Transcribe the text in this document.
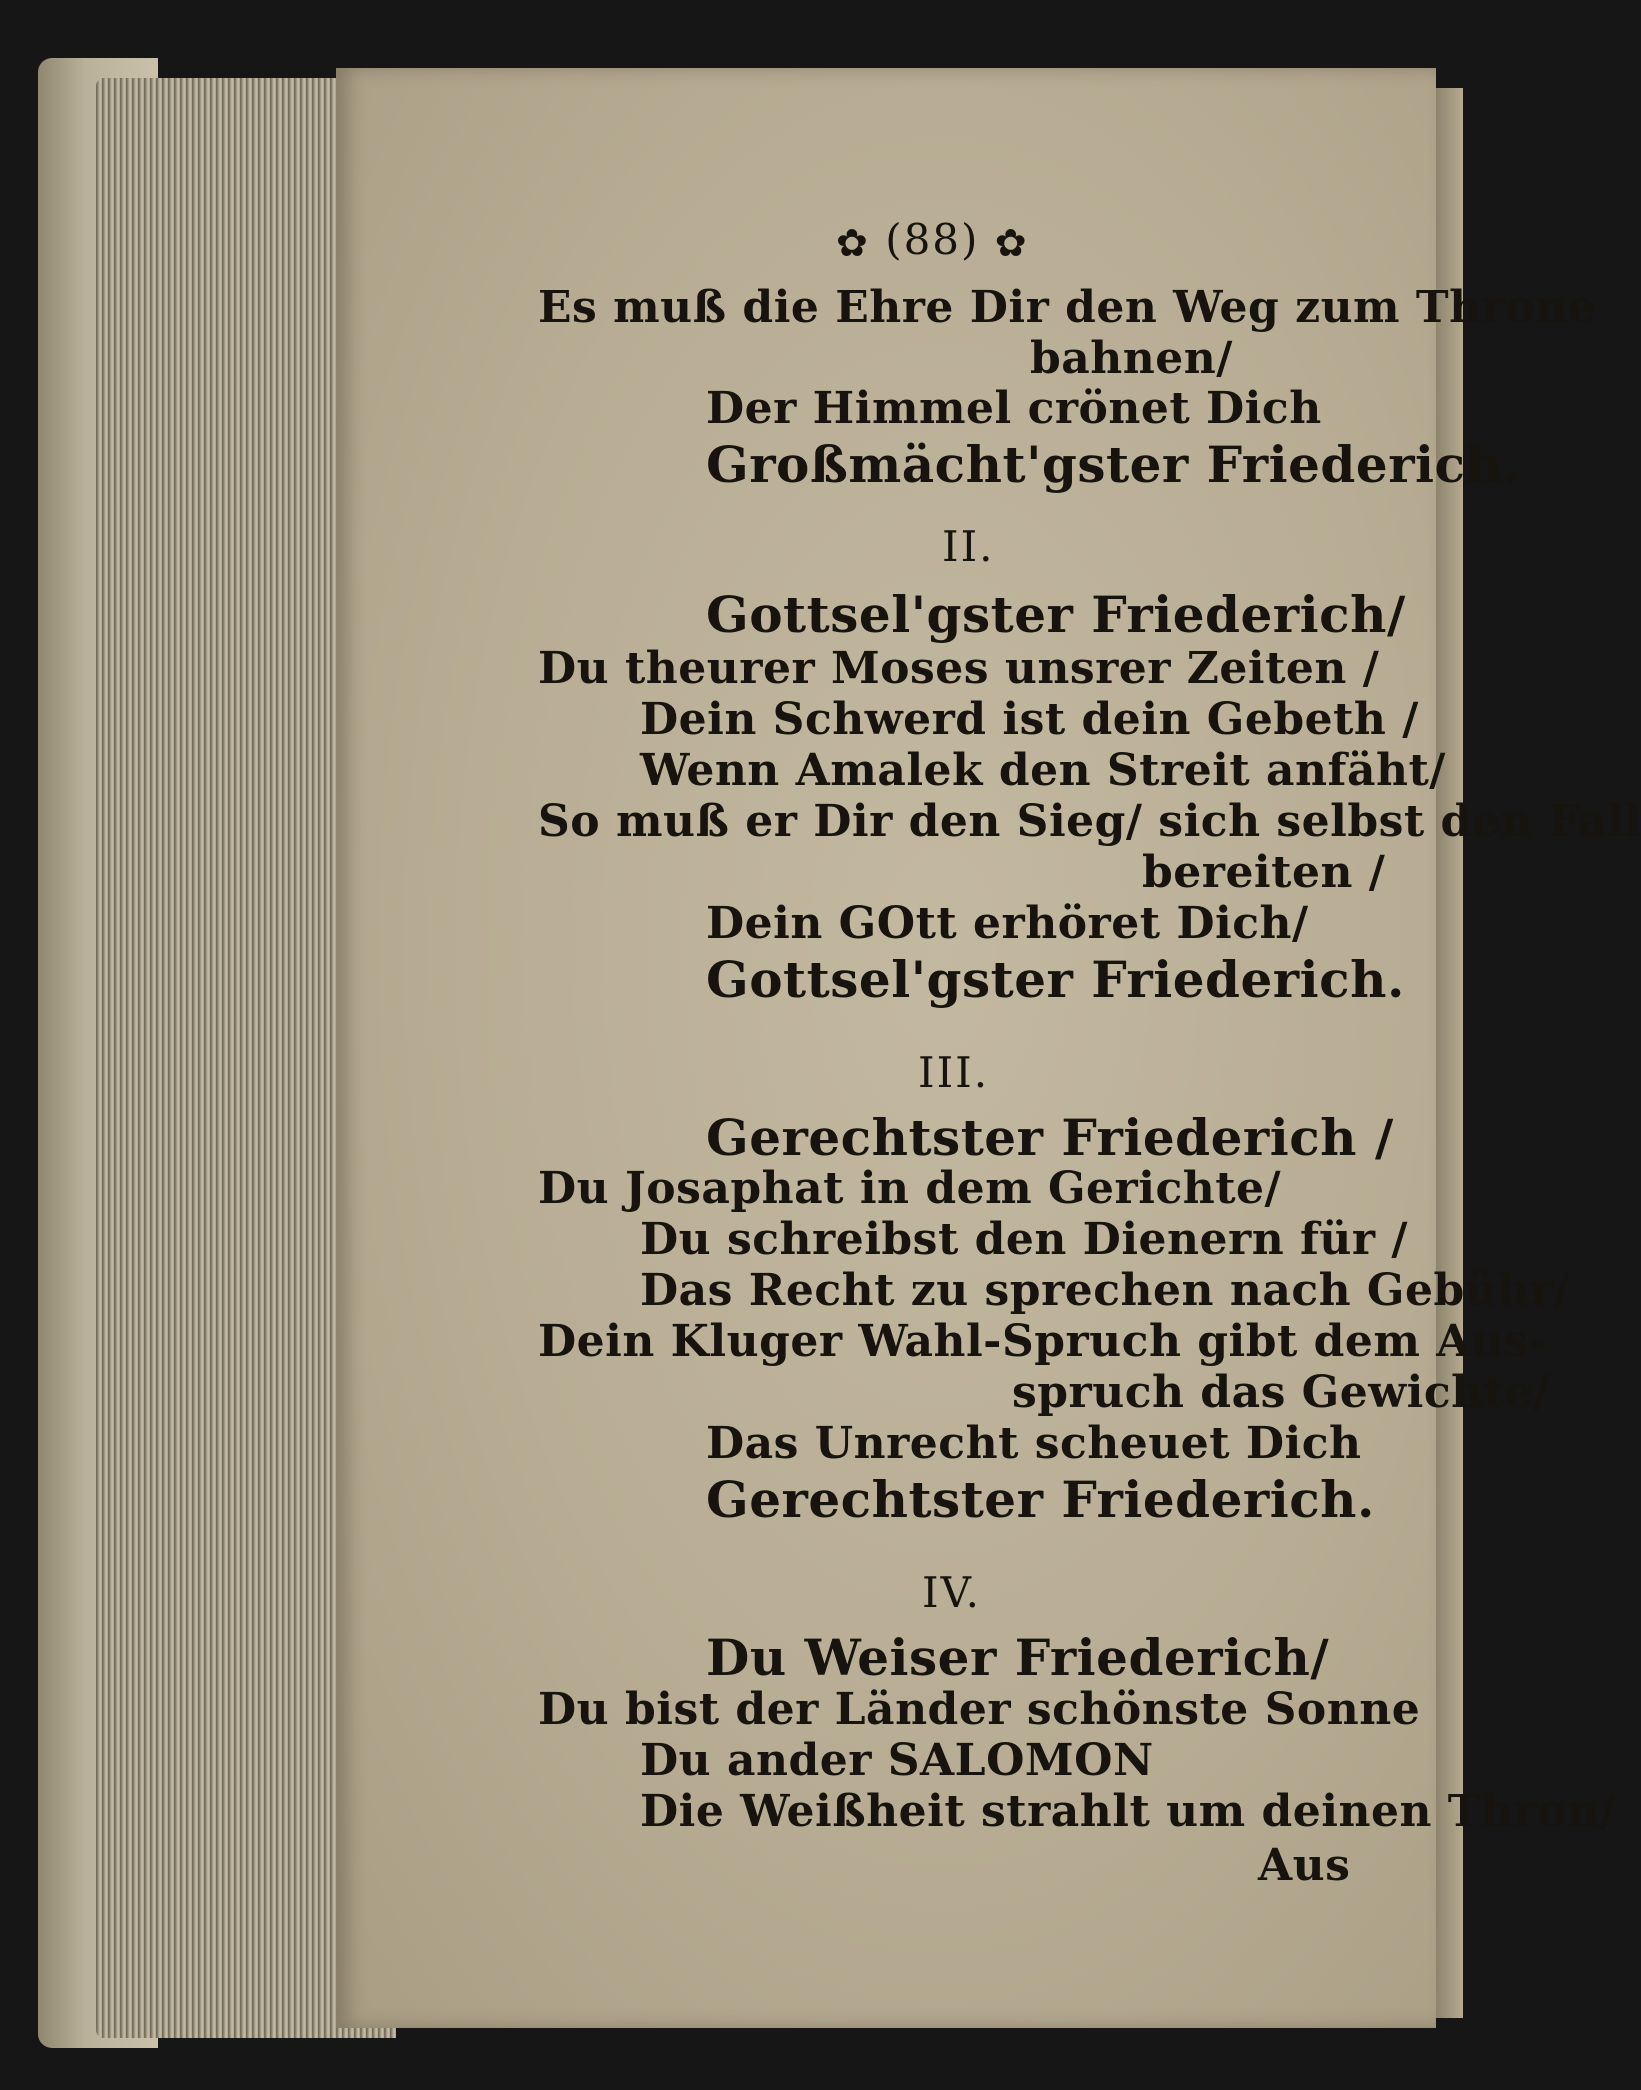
✿ (88) ✿
Es muß die Ehre Dir den Weg zum Throne
bahnen/
Der Himmel crönet Dich
Großmächt'gster Friederich.
II.
Gottsel'gster Friederich/
Du theurer Moses unsrer Zeiten /
Dein Schwerd ist dein Gebeth /
Wenn Amalek den Streit anfäht/
So muß er Dir den Sieg/ sich selbst den Fall
bereiten /
Dein GOtt erhöret Dich/
Gottsel'gster Friederich.
III.
Gerechtster Friederich /
Du Josaphat in dem Gerichte/
Du schreibst den Dienern für /
Das Recht zu sprechen nach Gebühr/
Dein Kluger Wahl-Spruch gibt dem Aus-
spruch das Gewichte/
Das Unrecht scheuet Dich
Gerechtster Friederich.
IV.
Du Weiser Friederich/
Du bist der Länder schönste Sonne
Du ander SALOMON
Die Weißheit strahlt um deinen Thron/
Aus
